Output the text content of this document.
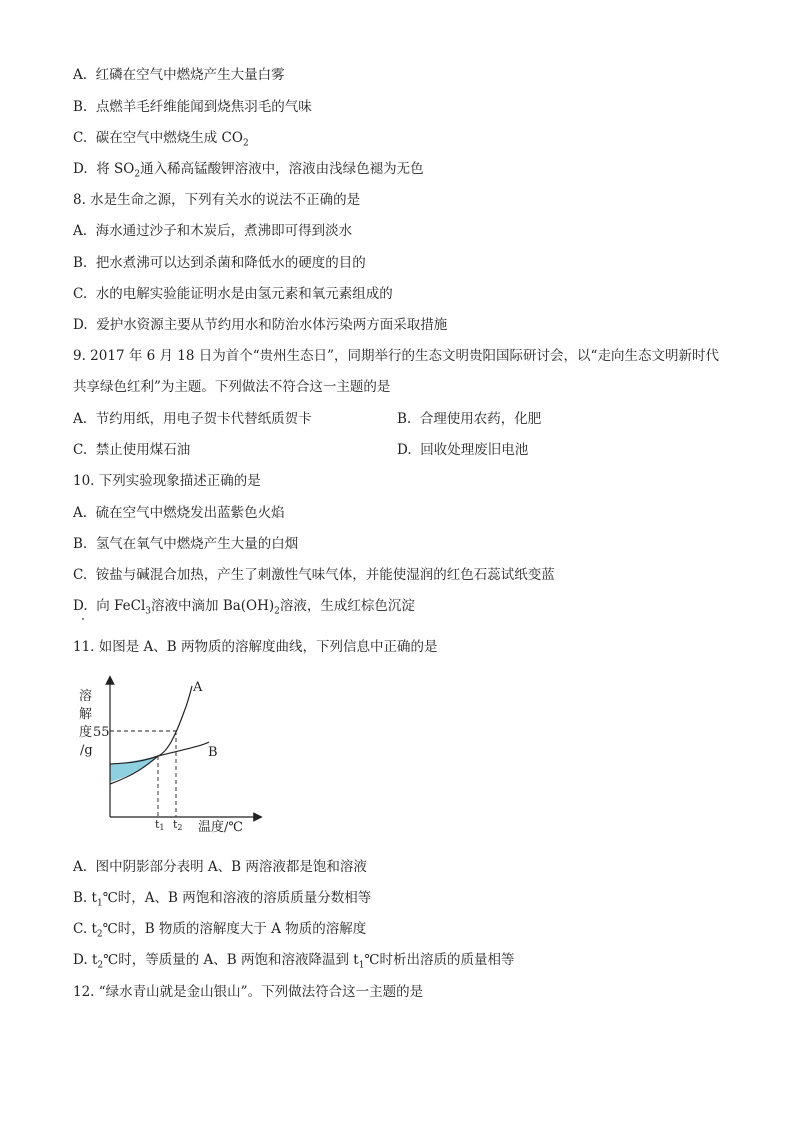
A. 红磷在空气中燃烧产生大量白雾
B. 点燃羊毛纤维能闻到烧焦羽毛的气味
C. 碳在空气中燃烧生成 $CO_2$
D. 将 $SO_2$通入稀高锰酸钾溶液中，溶液由浅绿色褪为无色
8. 水是生命之源，下列有关水的说法不正确的是
A. 海水通过沙子和木炭后，煮沸即可得到淡水
B. 把水煮沸可以达到杀菌和降低水的硬度的目的
C. 水的电解实验能证明水是由氢元素和氧元素组成的
D. 爱护水资源主要从节约用水和防治水体污染两方面采取措施
9. 2017 年 6 月 18 日为首个“贵州生态日”，同期举行的生态文明贵阳国际研讨会，以“走向生态文明新时代
共享绿色红利”为主题。下列做法不符合这一主题的是
A. 节约用纸，用电子贺卡代替纸质贺卡	B. 合理使用农药，化肥
C. 禁止使用煤石油	D. 回收处理废旧电池
10. 下列实验现象描述正确的是
A. 硫在空气中燃烧发出蓝紫色火焰
B. 氢气在氧气中燃烧产生大量的白烟
C. 铵盐与碱混合加热，产生了刺激性气味气体，并能使湿润的红色石蕊试纸变蓝
D. 向 FeCl$_3$溶液中滴加 $Ba(OH)_2$溶液，生成红棕色沉淀
11. 如图是 A、B 两物质的溶解度曲线，下列信息中正确的是
溶
解
度
/g
55
A
B
t1 t2 温度/℃
A. 图中阴影部分表明 A、B 两溶液都是饱和溶液
B. $t_1℃$时，A、B 两饱和溶液的溶质质量分数相等
C. $t_2℃$时，B 物质的溶解度大于 A 物质的溶解度
D. $t_2℃$时，等质量的 A、B 两饱和溶液降温到 $t_1℃$时析出溶质的质量相等
12. “绿水青山就是金山银山”。下列做法符合这一主题的是
